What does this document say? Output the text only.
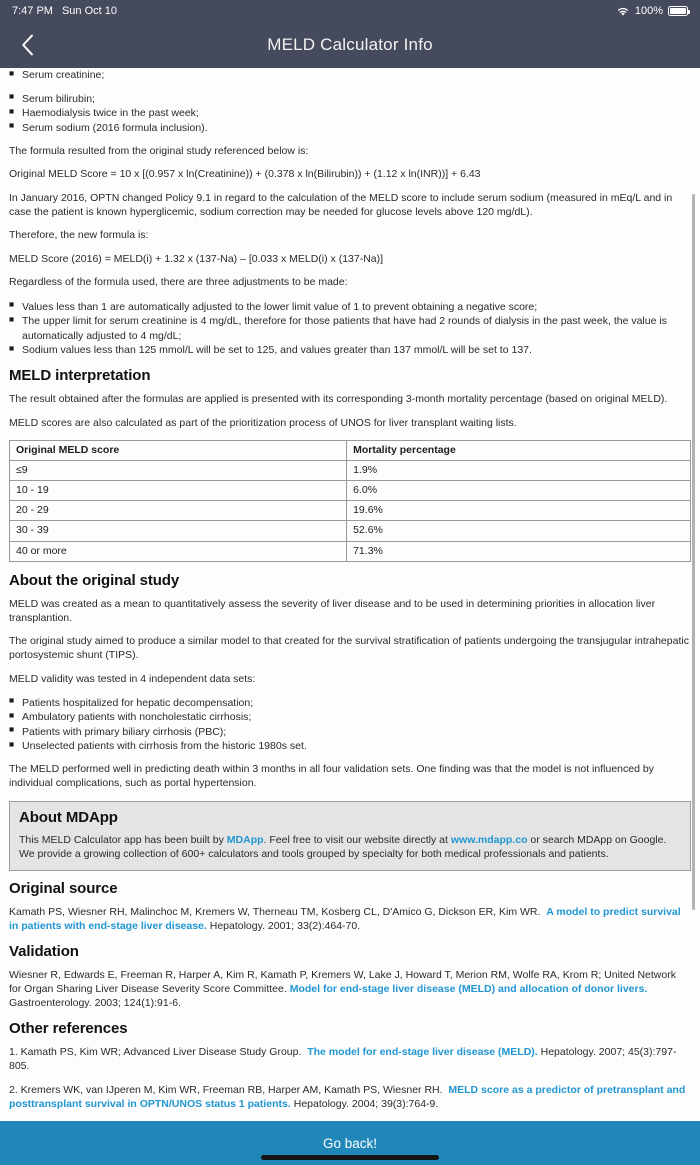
7:47 PM Sun Oct 10	100%
MELD Calculator Info
■ Serum creatinine;
■ Serum bilirubin;
■ Haemodialysis twice in the past week;
■ Serum sodium (2016 formula inclusion).

The formula resulted from the original study referenced below is:

Original MELD Score = 10 x [(0.957 x ln(Creatinine)) + (0.378 x ln(Bilirubin)) + (1.12 x ln(INR))] + 6.43

In January 2016, OPTN changed Policy 9.1 in regard to the calculation of the MELD score to include serum sodium (measured in mEq/L and in case the patient is known hyperglicemic, sodium correction may be needed for glucose levels above 120 mg/dL).

Therefore, the new formula is:

MELD Score (2016) = MELD(i) + 1.32 x (137-Na) – [0.033 x MELD(i) x (137-Na)]

Regardless of the formula used, there are three adjustments to be made:

■ Values less than 1 are automatically adjusted to the lower limit value of 1 to prevent obtaining a negative score;
■ The upper limit for serum creatinine is 4 mg/dL, therefore for those patients that have had 2 rounds of dialysis in the past week, the value is automatically adjusted to 4 mg/dL;
■ Sodium values less than 125 mmol/L will be set to 125, and values greater than 137 mmol/L will be set to 137.
MELD interpretation

The result obtained after the formulas are applied is presented with its corresponding 3-month mortality percentage (based on original MELD).

MELD scores are also calculated as part of the prioritization process of UNOS for liver transplant waiting lists.

Original MELD score	Mortality percentage
≤9	1.9%
10 - 19	6.0%
20 - 29	19.6%
30 - 39	52.6%
40 or more	71.3%
About the original study

MELD was created as a mean to quantitatively assess the severity of liver disease and to be used in determining priorities in allocation liver transplantion.

The original study aimed to produce a similar model to that created for the survival stratification of patients undergoing the transjugular intrahepatic portosystemic shunt (TIPS).

MELD validity was tested in 4 independent data sets:

■ Patients hospitalized for hepatic decompensation;
■ Ambulatory patients with noncholestatic cirrhosis;
■ Patients with primary biliary cirrhosis (PBC);
■ Unselected patients with cirrhosis from the historic 1980s set.

The MELD performed well in predicting death within 3 months in all four validation sets. One finding was that the model is not influenced by individual complications, such as portal hypertension.

About MDApp

This MELD Calculator app has been built by MDApp. Feel free to visit our website directly at www.mdapp.co or search MDApp on Google. We provide a growing collection of 600+ calculators and tools grouped by specialty for both medical professionals and patients.

Original source

Kamath PS, Wiesner RH, Malinchoc M, Kremers W, Therneau TM, Kosberg CL, D'Amico G, Dickson ER, Kim WR. A model to predict survival in patients with end-stage liver disease. Hepatology. 2001; 33(2):464-70.

Validation

Wiesner R, Edwards E, Freeman R, Harper A, Kim R, Kamath P, Kremers W, Lake J, Howard T, Merion RM, Wolfe RA, Krom R; United Network for Organ Sharing Liver Disease Severity Score Committee. Model for end-stage liver disease (MELD) and allocation of donor livers. Gastroenterology. 2003; 124(1):91-6.

Other references

1. Kamath PS, Kim WR; Advanced Liver Disease Study Group. The model for end-stage liver disease (MELD). Hepatology. 2007; 45(3):797-805.

2. Kremers WK, van IJperen M, Kim WR, Freeman RB, Harper AM, Kamath PS, Wiesner RH. MELD score as a predictor of pretransplant and posttransplant survival in OPTN/UNOS status 1 patients. Hepatology. 2004; 39(3):764-9.

Go back!
